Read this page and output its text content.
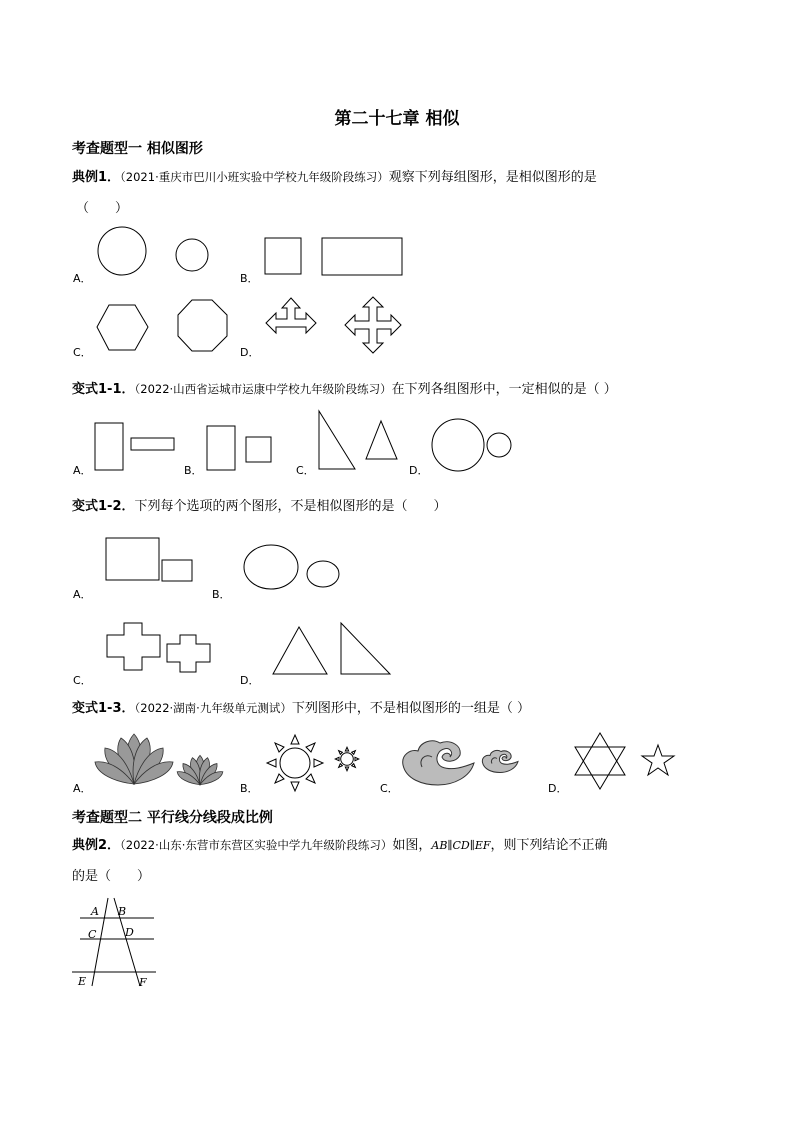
第二十七章 相似
考查题型一 相似图形
典例1．（2021·重庆市巴川小班实验中学校九年级阶段练习）观察下列每组图形，是相似图形的是
（　　）
A．	B．
C．	D．
变式1-1．（2022·山西省运城市运康中学校九年级阶段练习）在下列各组图形中，一定相似的是（ ）
A．	B．	C．	D．
变式1-2．下列每个选项的两个图形，不是相似图形的是（　　）
A．	B．
C．	D．
变式1-3．（2022·湖南·九年级单元测试）下列图形中，不是相似图形的一组是（ ）
A．	B．	C．	D．
考查题型二 平行线分线段成比例
典例2．（2022·山东·东营市东营区实验中学九年级阶段练习）如图，AB∥CD∥EF，则下列结论不正确
的是（　　）
A B
C	D
E	F
